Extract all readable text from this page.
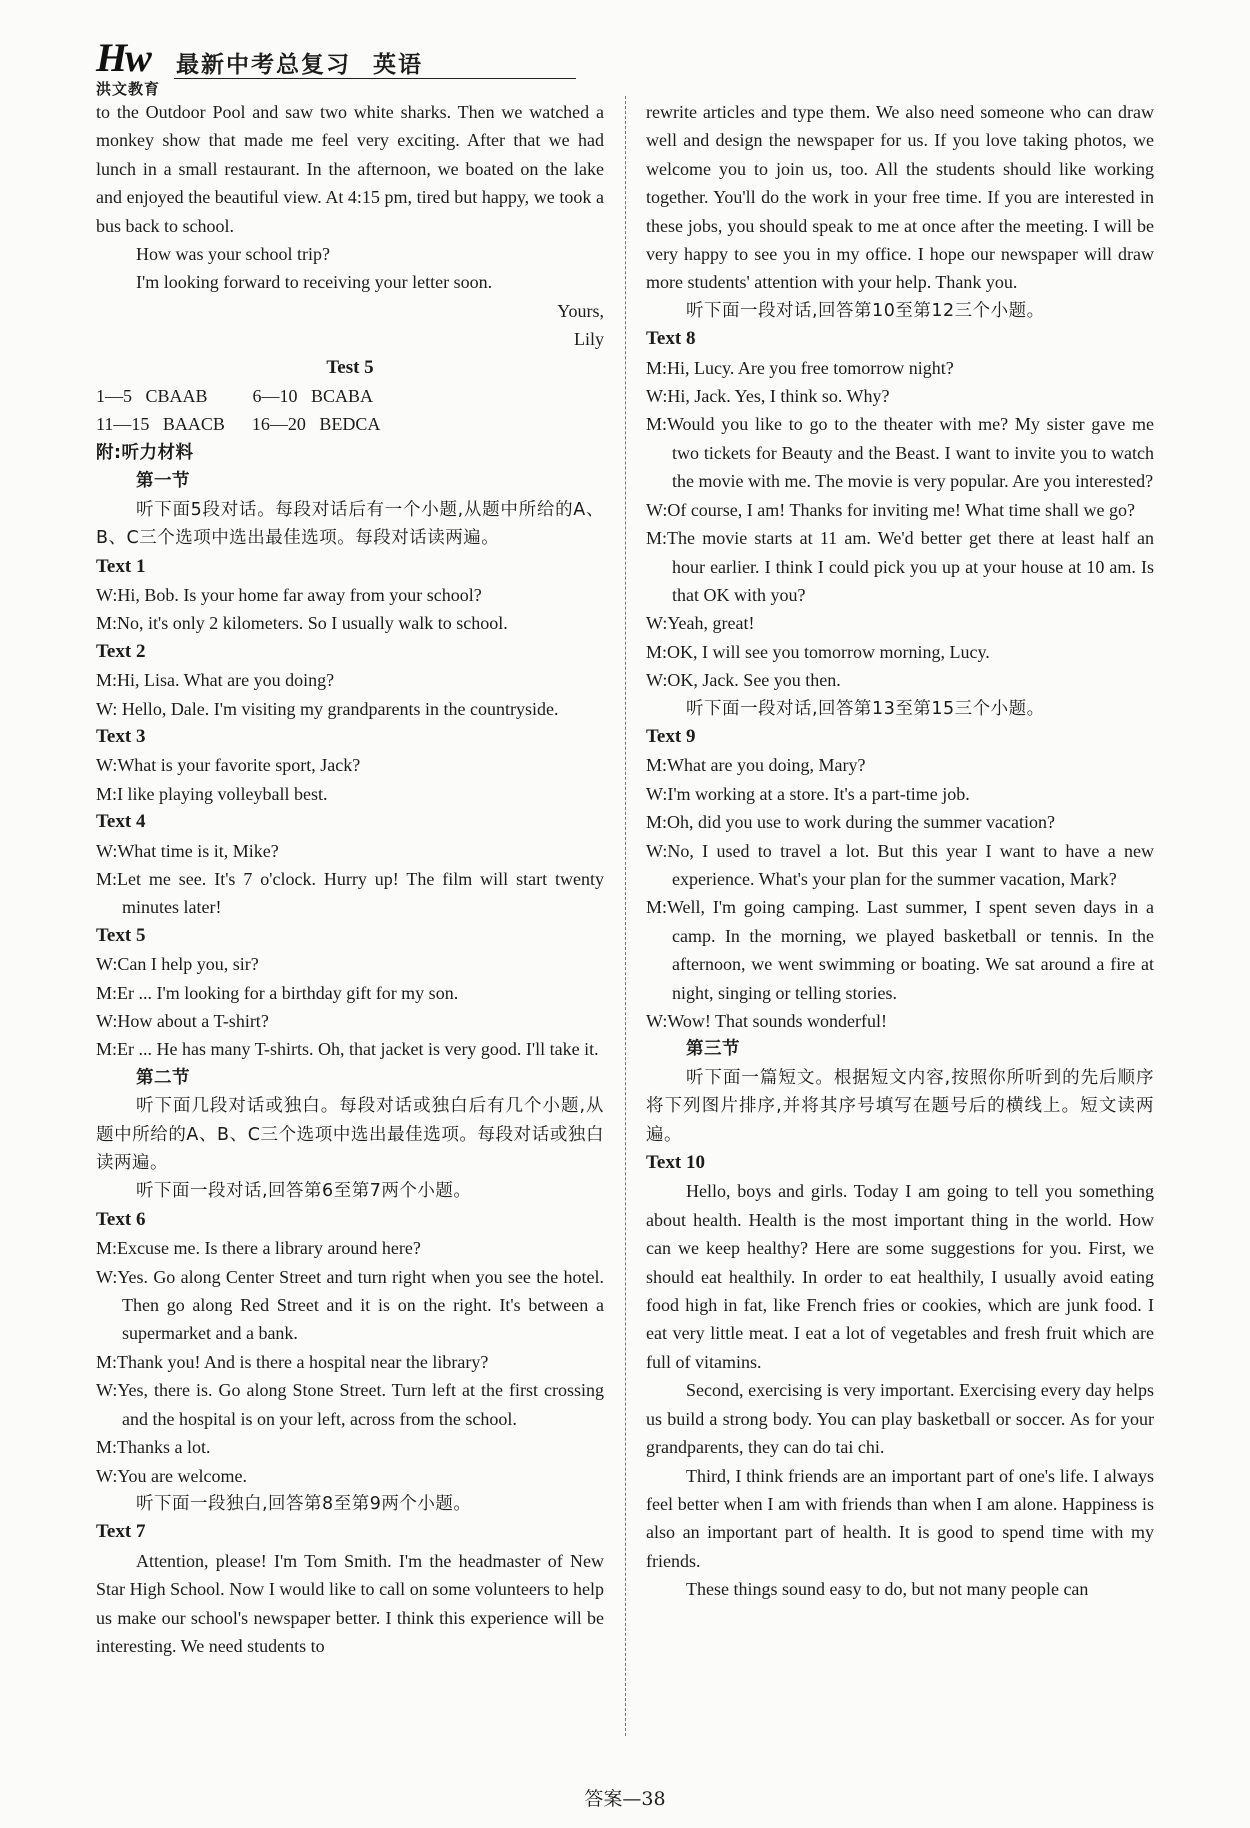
Hw
洪文教育
最新中考总复习 英语

to the Outdoor Pool and saw two white sharks. Then we watched a monkey show that made me feel very exciting. After that we had lunch in a small restaurant. In the afternoon, we boated on the lake and enjoyed the beautiful view. At 4:15 pm, tired but happy, we took a bus back to school.

How was your school trip?

I'm looking forward to receiving your letter soon.

Yours,

Lily

Test 5

1—5   CBAAB          6—10   BCABA

11—15   BAACB      16—20   BEDCA

附:听力材料

第一节

听下面5段对话。每段对话后有一个小题,从题中所给的A、B、C三个选项中选出最佳选项。每段对话读两遍。

Text 1

W:Hi, Bob. Is your home far away from your school?

M:No, it's only 2 kilometers. So I usually walk to school.

Text 2

M:Hi, Lisa. What are you doing?

W: Hello, Dale. I'm visiting my grandparents in the countryside.

Text 3

W:What is your favorite sport, Jack?

M:I like playing volleyball best.

Text 4

W:What time is it, Mike?

M:Let me see. It's 7 o'clock. Hurry up! The film will start twenty minutes later!

Text 5

W:Can I help you, sir?

M:Er ... I'm looking for a birthday gift for my son.

W:How about a T-shirt?

M:Er ... He has many T-shirts. Oh, that jacket is very good. I'll take it.

第二节

听下面几段对话或独白。每段对话或独白后有几个小题,从题中所给的A、B、C三个选项中选出最佳选项。每段对话或独白读两遍。

听下面一段对话,回答第6至第7两个小题。

Text 6

M:Excuse me. Is there a library around here?

W:Yes. Go along Center Street and turn right when you see the hotel. Then go along Red Street and it is on the right. It's between a supermarket and a bank.

M:Thank you! And is there a hospital near the library?

W:Yes, there is. Go along Stone Street. Turn left at the first crossing and the hospital is on your left, across from the school.

M:Thanks a lot.

W:You are welcome.

听下面一段独白,回答第8至第9两个小题。

Text 7

Attention, please! I'm Tom Smith. I'm the headmaster of New Star High School. Now I would like to call on some volunteers to help us make our school's newspaper better. I think this experience will be interesting. We need students to

rewrite articles and type them. We also need someone who can draw well and design the newspaper for us. If you love taking photos, we welcome you to join us, too. All the students should like working together. You'll do the work in your free time. If you are interested in these jobs, you should speak to me at once after the meeting. I will be very happy to see you in my office. I hope our newspaper will draw more students' attention with your help. Thank you.

听下面一段对话,回答第10至第12三个小题。

Text 8

M:Hi, Lucy. Are you free tomorrow night?

W:Hi, Jack. Yes, I think so. Why?

M:Would you like to go to the theater with me? My sister gave me two tickets for Beauty and the Beast. I want to invite you to watch the movie with me. The movie is very popular. Are you interested?

W:Of course, I am! Thanks for inviting me! What time shall we go?

M:The movie starts at 11 am. We'd better get there at least half an hour earlier. I think I could pick you up at your house at 10 am. Is that OK with you?

W:Yeah, great!

M:OK, I will see you tomorrow morning, Lucy.

W:OK, Jack. See you then.

听下面一段对话,回答第13至第15三个小题。

Text 9

M:What are you doing, Mary?

W:I'm working at a store. It's a part-time job.

M:Oh, did you use to work during the summer vacation?

W:No, I used to travel a lot. But this year I want to have a new experience. What's your plan for the summer vacation, Mark?

M:Well, I'm going camping. Last summer, I spent seven days in a camp. In the morning, we played basketball or tennis. In the afternoon, we went swimming or boating. We sat around a fire at night, singing or telling stories.

W:Wow! That sounds wonderful!

第三节

听下面一篇短文。根据短文内容,按照你所听到的先后顺序将下列图片排序,并将其序号填写在题号后的横线上。短文读两遍。

Text 10

Hello, boys and girls. Today I am going to tell you something about health. Health is the most important thing in the world. How can we keep healthy? Here are some suggestions for you. First, we should eat healthily. In order to eat healthily, I usually avoid eating food high in fat, like French fries or cookies, which are junk food. I eat very little meat. I eat a lot of vegetables and fresh fruit which are full of vitamins.

Second, exercising is very important. Exercising every day helps us build a strong body. You can play basketball or soccer. As for your grandparents, they can do tai chi.

Third, I think friends are an important part of one's life. I always feel better when I am with friends than when I am alone. Happiness is also an important part of health. It is good to spend time with my friends.

These things sound easy to do, but not many people can

答案—38
